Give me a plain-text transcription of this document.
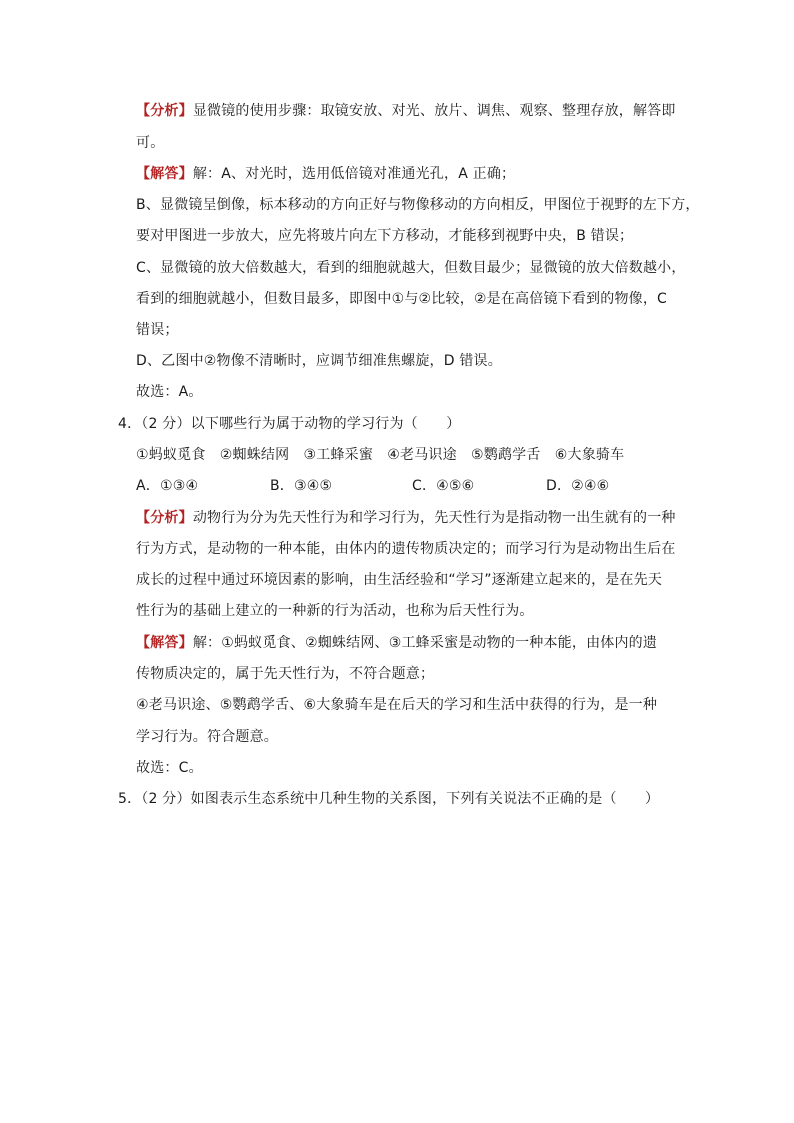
【分析】显微镜的使用步骤：取镜安放、对光、放片、调焦、观察、整理存放，解答即
可。
【解答】解：A、对光时，选用低倍镜对准通光孔，A 正确；
B、显微镜呈倒像，标本移动的方向正好与物像移动的方向相反，甲图位于视野的左下方，
要对甲图进一步放大，应先将玻片向左下方移动，才能移到视野中央，B 错误；
C、显微镜的放大倍数越大，看到的细胞就越大，但数目最少；显微镜的放大倍数越小，
看到的细胞就越小，但数目最多，即图中①与②比较，②是在高倍镜下看到的物像，C
错误；
D、乙图中②物像不清晰时，应调节细准焦螺旋，D 错误。
故选：A。
4．（2 分）以下哪些行为属于动物的学习行为（　　）
①蚂蚁觅食　②蜘蛛结网　③工蜂采蜜　④老马识途　⑤鹦鹉学舌　⑥大象骑车
A．①③④	B．③④⑤	C．④⑤⑥	D．②④⑥
【分析】动物行为分为先天性行为和学习行为，先天性行为是指动物一出生就有的一种
行为方式，是动物的一种本能，由体内的遗传物质决定的；而学习行为是动物出生后在
成长的过程中通过环境因素的影响，由生活经验和“学习”逐渐建立起来的，是在先天
性行为的基础上建立的一种新的行为活动，也称为后天性行为。
【解答】解：①蚂蚁觅食、②蜘蛛结网、③工蜂采蜜是动物的一种本能，由体内的遗
传物质决定的，属于先天性行为，不符合题意；
④老马识途、⑤鹦鹉学舌、⑥大象骑车是在后天的学习和生活中获得的行为，是一种
学习行为。符合题意。
故选：C。
5．（2 分）如图表示生态系统中几种生物的关系图，下列有关说法不正确的是（　　）
